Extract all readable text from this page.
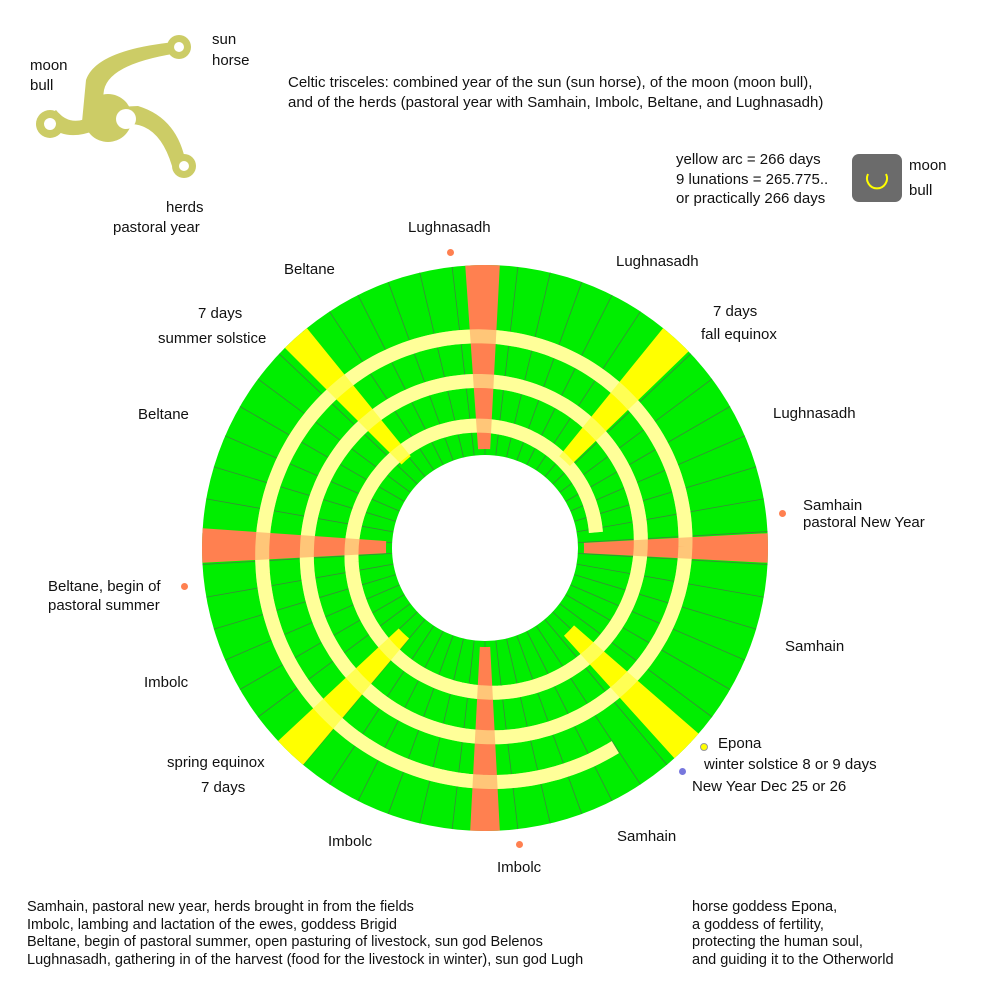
sun
horse
moon
bull
herds
pastoral year
Celtic trisceles: combined year of the sun (sun horse), of the moon (moon bull),
and of the herds (pastoral year with Samhain, Imbolc, Beltane, and Lughnasadh)
yellow arc = 266 days
9 lunations = 265.775..
or practically 266 days
moon
bull
Lughnasadh
Lughnasadh
Lughnasadh
Beltane
Beltane
7 days
summer solstice
7 days
fall equinox
Samhain
pastoral New Year
Beltane, begin of
pastoral summer
Samhain
Imbolc
Epona
winter solstice 8 or 9 days
New Year Dec 25 or 26
spring equinox
7 days
Imbolc	Samhain
Imbolc
Samhain, pastoral new year, herds brought in from the fields
Imbolc, lambing and lactation of the ewes, goddess Brigid
Beltane, begin of pastoral summer, open pasturing of livestock, sun god Belenos
Lughnasadh, gathering in of the harvest (food for the livestock in winter), sun god Lugh
horse goddess Epona,
a goddess of fertility,
protecting the human soul,
and guiding it to the Otherworld
